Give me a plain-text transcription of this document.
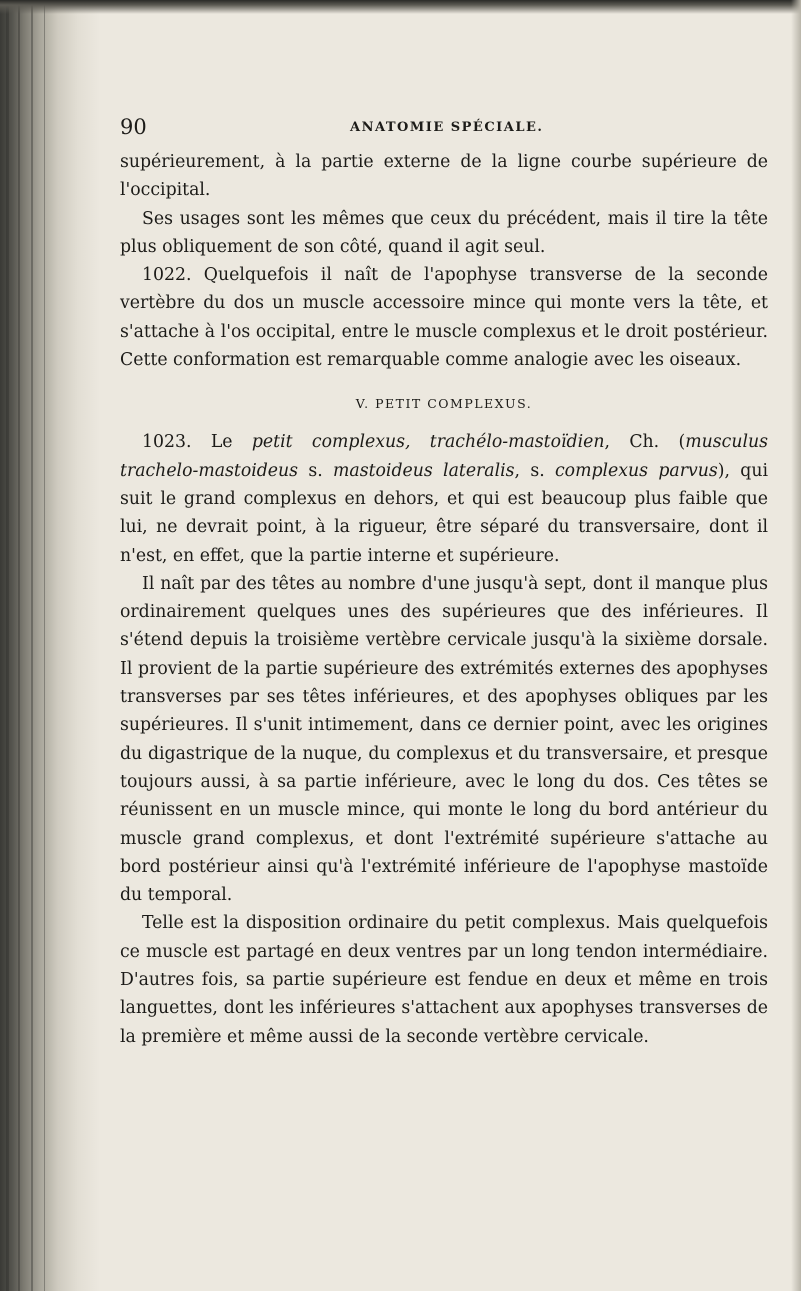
90	ANATOMIE SPÉCIALE.

supérieurement, à la partie externe de la ligne courbe supérieure de l'occipital.

Ses usages sont les mêmes que ceux du précédent, mais il tire la tête plus obliquement de son côté, quand il agit seul.

1022. Quelquefois il naît de l'apophyse transverse de la seconde vertèbre du dos un muscle accessoire mince qui monte vers la tête, et s'attache à l'os occipital, entre le muscle complexus et le droit postérieur. Cette conformation est remarquable comme analogie avec les oiseaux.

V. PETIT COMPLEXUS.

1023. Le petit complexus, trachélo-mastoïdien, Ch. (musculus trachelo-mastoideus s. mastoideus lateralis, s. complexus parvus), qui suit le grand complexus en dehors, et qui est beaucoup plus faible que lui, ne devrait point, à la rigueur, être séparé du transversaire, dont il n'est, en effet, que la partie interne et supérieure.

Il naît par des têtes au nombre d'une jusqu'à sept, dont il manque plus ordinairement quelques unes des supérieures que des inférieures. Il s'étend depuis la troisième vertèbre cervicale jusqu'à la sixième dorsale. Il provient de la partie supérieure des extrémités externes des apophyses transverses par ses têtes inférieures, et des apophyses obliques par les supérieures. Il s'unit intimement, dans ce dernier point, avec les origines du digastrique de la nuque, du complexus et du transversaire, et presque toujours aussi, à sa partie inférieure, avec le long du dos. Ces têtes se réunissent en un muscle mince, qui monte le long du bord antérieur du muscle grand complexus, et dont l'extrémité supérieure s'attache au bord postérieur ainsi qu'à l'extrémité inférieure de l'apophyse mastoïde du temporal.

Telle est la disposition ordinaire du petit complexus. Mais quelquefois ce muscle est partagé en deux ventres par un long tendon intermédiaire. D'autres fois, sa partie supérieure est fendue en deux et même en trois languettes, dont les inférieures s'attachent aux apophyses transverses de la première et même aussi de la seconde vertèbre cervicale.
